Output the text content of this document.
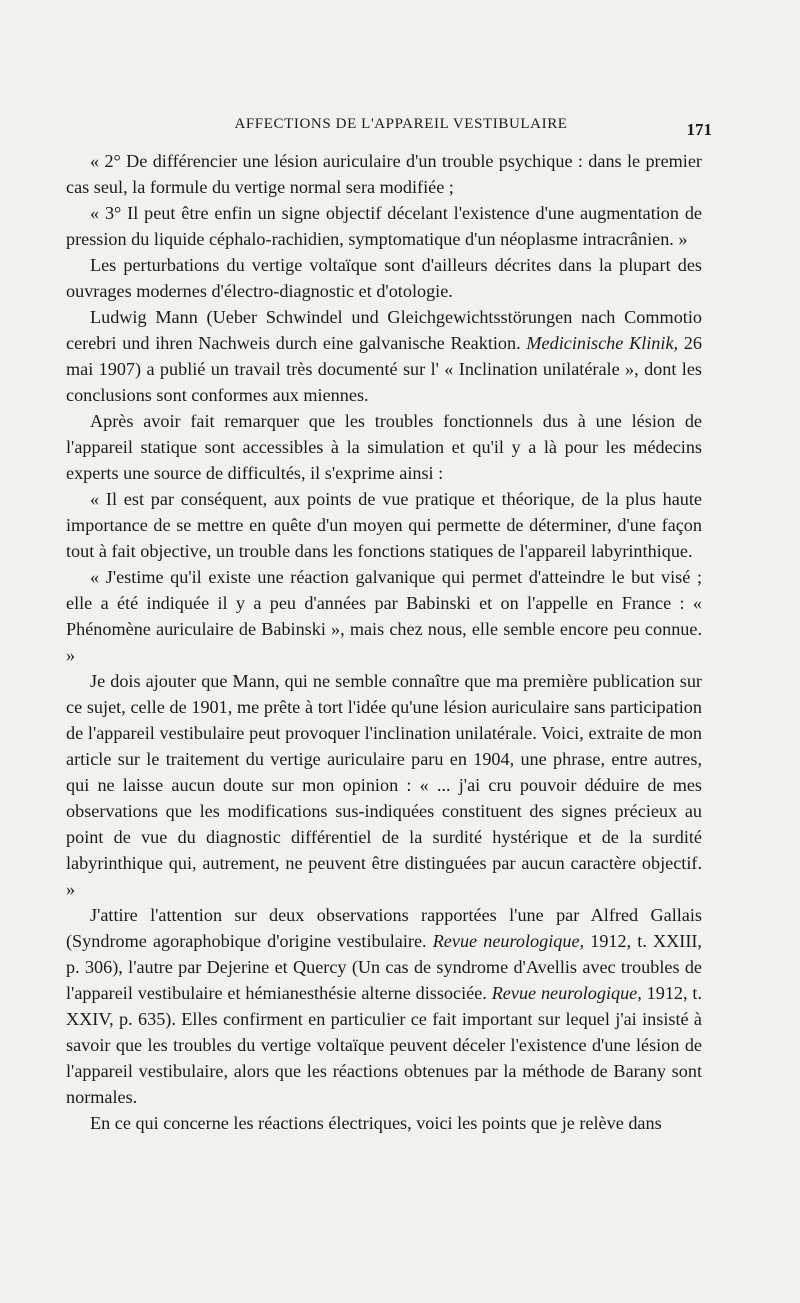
AFFECTIONS DE L'APPAREIL VESTIBULAIRE	171

« 2° De différencier une lésion auriculaire d'un trouble psychique : dans le premier cas seul, la formule du vertige normal sera modifiée ;

« 3° Il peut être enfin un signe objectif décelant l'existence d'une augmentation de pression du liquide céphalo-rachidien, symptomatique d'un néoplasme intracrânien. »

Les perturbations du vertige voltaïque sont d'ailleurs décrites dans la plupart des ouvrages modernes d'électro-diagnostic et d'otologie.

Ludwig Mann (Ueber Schwindel und Gleichgewichtsstörungen nach Commotio cerebri und ihren Nachweis durch eine galvanische Reaktion. Medicinische Klinik, 26 mai 1907) a publié un travail très documenté sur l' « Inclination unilatérale », dont les conclusions sont conformes aux miennes.

Après avoir fait remarquer que les troubles fonctionnels dus à une lésion de l'appareil statique sont accessibles à la simulation et qu'il y a là pour les médecins experts une source de difficultés, il s'exprime ainsi :

« Il est par conséquent, aux points de vue pratique et théorique, de la plus haute importance de se mettre en quête d'un moyen qui permette de déterminer, d'une façon tout à fait objective, un trouble dans les fonctions statiques de l'appareil labyrinthique.

« J'estime qu'il existe une réaction galvanique qui permet d'atteindre le but visé ; elle a été indiquée il y a peu d'années par Babinski et on l'appelle en France : « Phénomène auriculaire de Babinski », mais chez nous, elle semble encore peu connue. »

Je dois ajouter que Mann, qui ne semble connaître que ma première publication sur ce sujet, celle de 1901, me prête à tort l'idée qu'une lésion auriculaire sans participation de l'appareil vestibulaire peut provoquer l'inclination unilatérale. Voici, extraite de mon article sur le traitement du vertige auriculaire paru en 1904, une phrase, entre autres, qui ne laisse aucun doute sur mon opinion : « ... j'ai cru pouvoir déduire de mes observations que les modifications sus-indiquées constituent des signes précieux au point de vue du diagnostic différentiel de la surdité hystérique et de la surdité labyrinthique qui, autrement, ne peuvent être distinguées par aucun caractère objectif. »

J'attire l'attention sur deux observations rapportées l'une par Alfred Gallais (Syndrome agoraphobique d'origine vestibulaire. Revue neurologique, 1912, t. XXIII, p. 306), l'autre par Dejerine et Quercy (Un cas de syndrome d'Avellis avec troubles de l'appareil vestibulaire et hémianesthésie alterne dissociée. Revue neurologique, 1912, t. XXIV, p. 635). Elles confirment en particulier ce fait important sur lequel j'ai insisté à savoir que les troubles du vertige voltaïque peuvent déceler l'existence d'une lésion de l'appareil vestibulaire, alors que les réactions obtenues par la méthode de Barany sont normales.

En ce qui concerne les réactions électriques, voici les points que je relève dans
